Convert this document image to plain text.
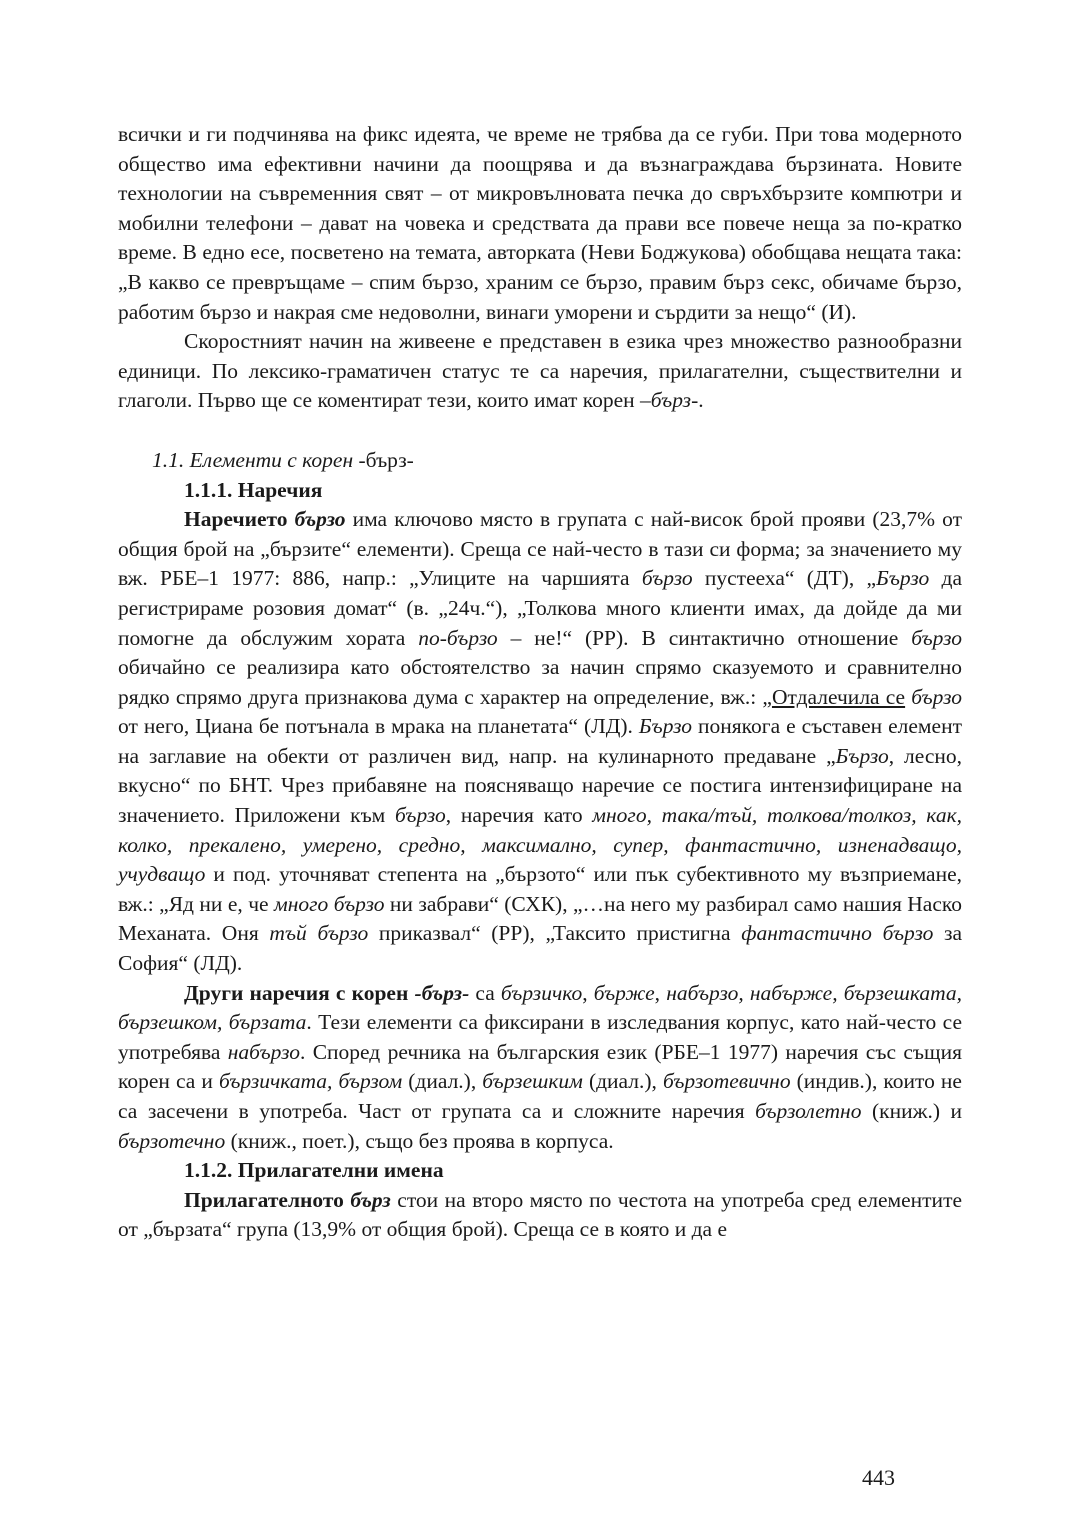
всички и ги подчинява на фикс идеята, че време не трябва да се губи. При това модерното общество има ефективни начини да поощрява и да възнаграждава бързината. Новите технологии на съвременния свят – от микровълновата печка до свръхбързите компютри и мобилни телефони – дават на човека и средствата да прави все повече неща за по-кратко време. В едно есе, посветено на темата, авторката (Неви Боджукова) обобщава нещата така: „В какво се превръщаме – спим бързо, храним се бързо, правим бърз секс, обичаме бързо, работим бързо и накрая сме недоволни, винаги уморени и сърдити за нещо“ (И).

Скоростният начин на живеене е представен в езика чрез множество разнообразни единици. По лексико-граматичен статус те са наречия, прилагателни, съществителни и глаголи. Първо ще се коментират тези, които имат корен –бърз-.

1.1. Елементи с корен -бърз-

1.1.1. Наречия

Наречието бързо има ключово място в групата с най-висок брой прояви (23,7% от общия брой на „бързите“ елементи). Среща се най-често в тази си форма; за значението му вж. РБЕ–1 1977: 886, напр.: „Улиците на чаршията бързо пустееха“ (ДТ), „Бързо да регистрираме розовия домат“ (в. „24ч.“), „Толкова много клиенти имах, да дойде да ми помогне да обслужим хората по-бързо – не!“ (РР). В синтактично отношение бързо обичайно се реализира като обстоятелство за начин спрямо сказуемото и сравнително рядко спрямо друга признакова дума с характер на определение, вж.: „Отдалечила се бързо от него, Циана бе потънала в мрака на планетата“ (ЛД). Бързо понякога е съставен елемент на заглавие на обекти от различен вид, напр. на кулинарното предаване „Бързо, лесно, вкусно“ по БНТ. Чрез прибавяне на поясняващо наречие се постига интензифициране на значението. Приложени към бързо, наречия като много, така/тъй, толкова/толкоз, как, колко, прекалено, умерено, средно, максимално, супер, фантастично, изненадващо, учудващо и под. уточняват степента на „бързото“ или пък субективното му възприемане, вж.: „Яд ни е, че много бързо ни забрави“ (СХК), „…на него му разбирал само нашия Наско Механата. Оня тъй бързо приказвал“ (РР), „Таксито пристигна фантастично бързо за София“ (ЛД).

Други наречия с корен -бърз- са бързичко, бърже, набързо, набърже, бързешката, бързешком, бързата. Тези елементи са фиксирани в изследвания корпус, като най-често се употребява набързо. Според речника на българския език (РБЕ–1 1977) наречия със същия корен са и бързичката, бързом (диал.), бързешким (диал.), бързотевично (индив.), които не са засечени в употреба. Част от групата са и сложните наречия бързолетно (книж.) и бързотечно (книж., поет.), също без проява в корпуса.

1.1.2. Прилагателни имена

Прилагателното бърз стои на второ място по честота на употреба сред елементите от „бързата“ група (13,9% от общия брой). Среща се в която и да е

443
